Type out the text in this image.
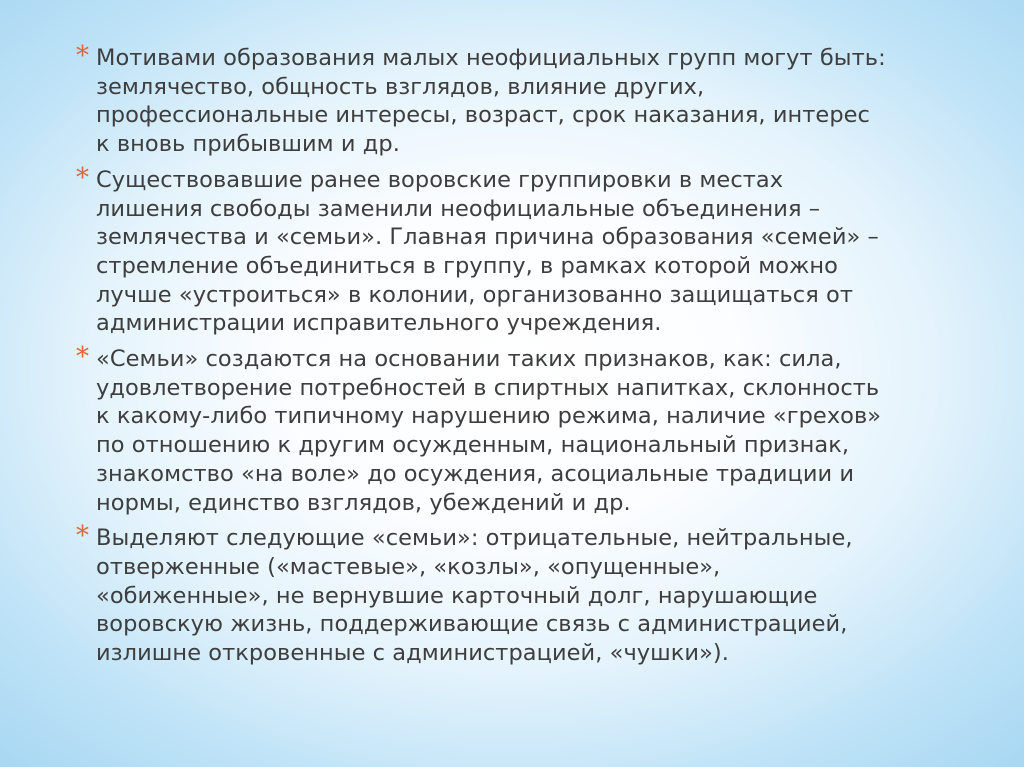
* Мотивами образования малых неофициальных групп могут быть:
землячество, общность взглядов, влияние других,
профессиональные интересы, возраст, срок наказания, интерес
к вновь прибывшим и др.
* Существовавшие ранее воровские группировки в местах
лишения свободы заменили неофициальные объединения –
землячества и «семьи». Главная причина образования «семей» –
стремление объединиться в группу, в рамках которой можно
лучше «устроиться» в колонии, организованно защищаться от
администрации исправительного учреждения.
* «Семьи» создаются на основании таких признаков, как: сила,
удовлетворение потребностей в спиртных напитках, склонность
к какому-либо типичному нарушению режима, наличие «грехов»
по отношению к другим осужденным, национальный признак,
знакомство «на воле» до осуждения, асоциальные традиции и
нормы, единство взглядов, убеждений и др.
* Выделяют следующие «семьи»: отрицательные, нейтральные,
отверженные («мастевые», «козлы», «опущенные»,
«обиженные», не вернувшие карточный долг, нарушающие
воровскую жизнь, поддерживающие связь с администрацией,
излишне откровенные с администрацией, «чушки»).
